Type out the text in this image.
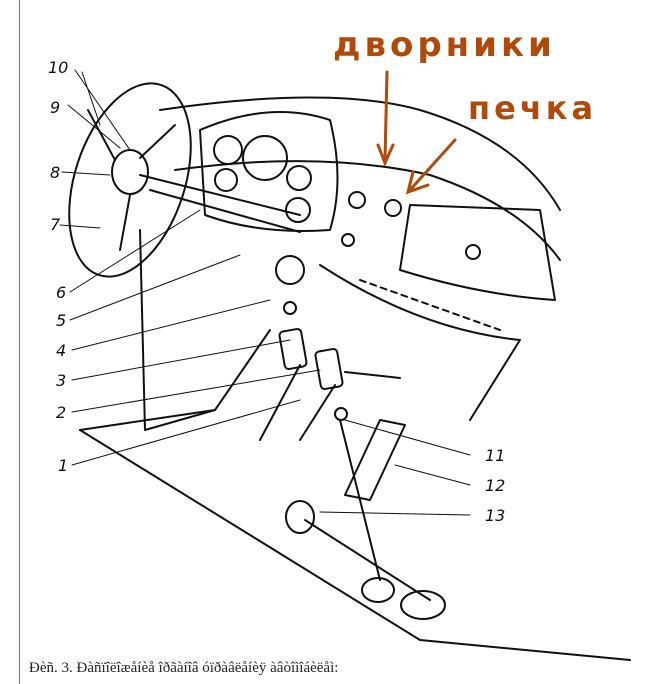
10
9
8
7
6
5
4
3
2
1
11
12
13
дворники
печка
Ðèñ. 3. Ðàñïîëîæåíèå îðãàíîâ óïðàâëåíèÿ àâòîìîáèëåì:
